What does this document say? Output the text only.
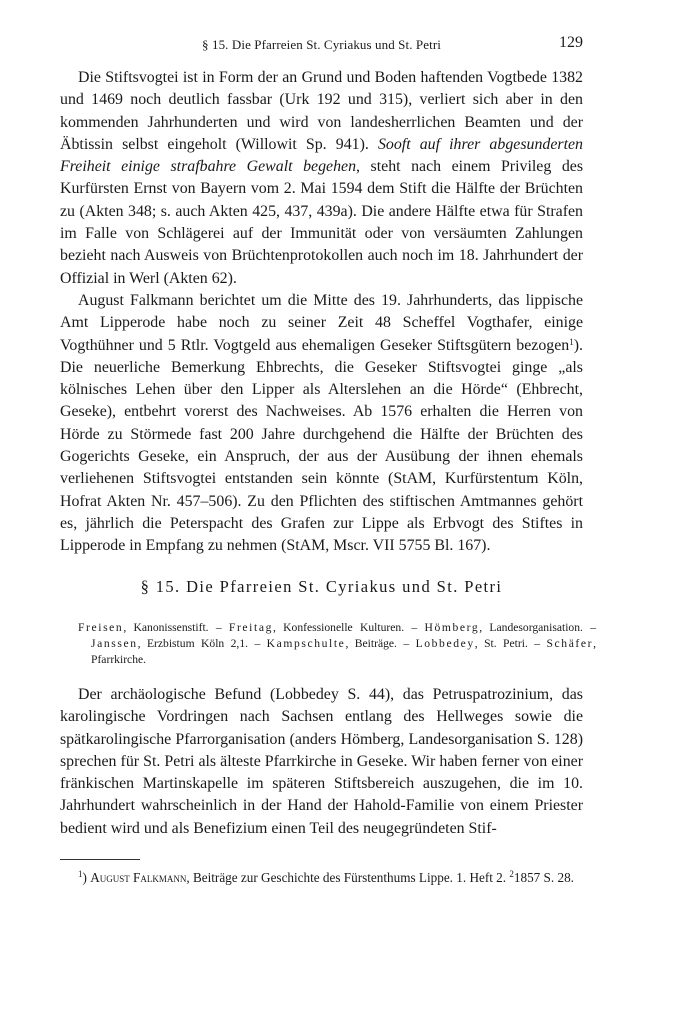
§ 15. Die Pfarreien St. Cyriakus und St. Petri	129

Die Stiftsvogtei ist in Form der an Grund und Boden haftenden Vogtbede 1382 und 1469 noch deutlich fassbar (Urk 192 und 315), verliert sich aber in den kommenden Jahrhunderten und wird von landesherrlichen Beamten und der Äbtissin selbst eingeholt (Willowit Sp. 941). Sooft auf ihrer abgesunderten Freiheit einige strafbahre Gewalt begehen, steht nach einem Privileg des Kurfürsten Ernst von Bayern vom 2. Mai 1594 dem Stift die Hälfte der Brüchten zu (Akten 348; s. auch Akten 425, 437, 439a). Die andere Hälfte etwa für Strafen im Falle von Schlägerei auf der Immunität oder von versäumten Zahlungen bezieht nach Ausweis von Brüchtenprotokollen auch noch im 18. Jahrhundert der Offizial in Werl (Akten 62).

August Falkmann berichtet um die Mitte des 19. Jahrhunderts, das lippische Amt Lipperode habe noch zu seiner Zeit 48 Scheffel Vogthafer, einige Vogthühner und 5 Rtlr. Vogtgeld aus ehemaligen Geseker Stiftsgütern bezogen$^1$). Die neuerliche Bemerkung Ehbrechts, die Geseker Stiftsvogtei ginge „als kölnisches Lehen über den Lipper als Alterslehen an die Hörde“ (Ehbrecht, Geseke), entbehrt vorerst des Nachweises. Ab 1576 erhalten die Herren von Hörde zu Störmede fast 200 Jahre durchgehend die Hälfte der Brüchten des Gogerichts Geseke, ein Anspruch, der aus der Ausübung der ihnen ehemals verliehenen Stiftsvogtei entstanden sein könnte (StAM, Kurfürstentum Köln, Hofrat Akten Nr. 457–506). Zu den Pflichten des stiftischen Amtmannes gehört es, jährlich die Peterspacht des Grafen zur Lippe als Erbvogt des Stiftes in Lipperode in Empfang zu nehmen (StAM, Mscr. VII 5755 Bl. 167).

§ 15. Die Pfarreien St. Cyriakus und St. Petri
Freisen, Kanonissenstift. – Freitag, Konfessionelle Kulturen. – Hömberg, Landesorganisation. – Janssen, Erzbistum Köln 2,1. – Kampschulte, Beiträge. – Lobbedey, St. Petri. – Schäfer, Pfarrkirche.

Der archäologische Befund (Lobbedey S. 44), das Petruspatrozinium, das karolingische Vordringen nach Sachsen entlang des Hellweges sowie die spätkarolingische Pfarrorganisation (anders Hömberg, Landesorganisation S. 128) sprechen für St. Petri als älteste Pfarrkirche in Geseke. Wir haben ferner von einer fränkischen Martinskapelle im späteren Stiftsbereich auszugehen, die im 10. Jahrhundert wahrscheinlich in der Hand der Hahold-Familie von einem Priester bedient wird und als Benefizium einen Teil des neugegründeten Stif-

$^1$) August Falkmann, Beiträge zur Geschichte des Fürstenthums Lippe. 1. Heft 2. $^2$1857 S. 28.
